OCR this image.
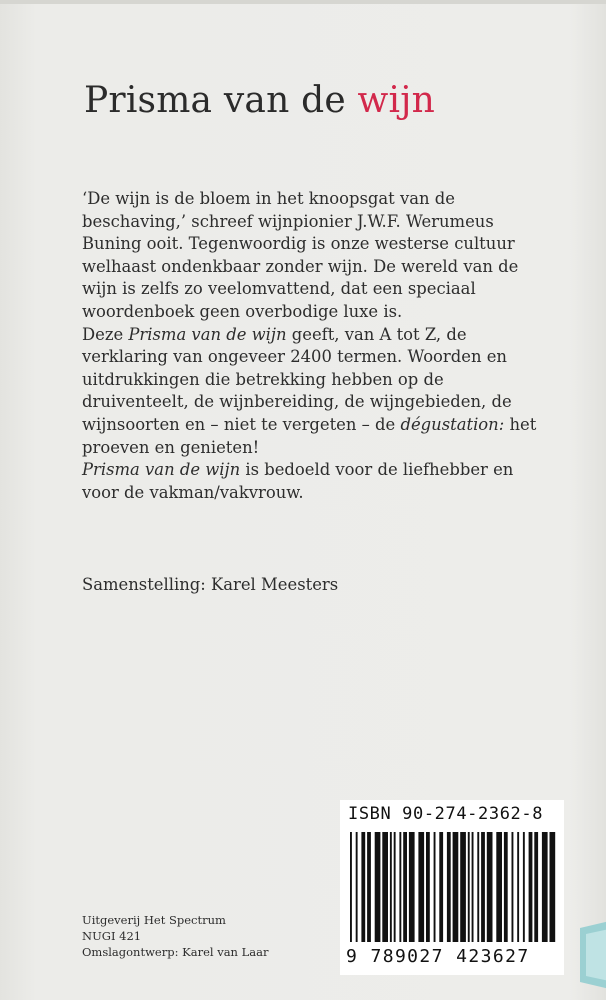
Prisma van de wijn

‘De wijn is de bloem in het knoopsgat van de beschaving,’ schreef wijnpionier J.W.F. Werumeus Buning ooit. Tegenwoordig is onze westerse cultuur welhaast ondenkbaar zonder wijn. De wereld van de wijn is zelfs zo veelomvattend, dat een speciaal woordenboek geen overbodige luxe is.

Deze Prisma van de wijn geeft, van A tot Z, de verklaring van ongeveer 2400 termen. Woorden en uitdrukkingen die betrekking hebben op de druiventeelt, de wijnbereiding, de wijngebieden, de wijnsoorten en – niet te vergeten – de dégustation: het proeven en genieten!

Prisma van de wijn is bedoeld voor de liefhebber en voor de vakman/vakvrouw.

Samenstelling: Karel Meesters
ISBN 90-274-2362-8
9 789027 423627
Uitgeverij Het Spectrum
NUGI 421
Omslagontwerp: Karel van Laar
